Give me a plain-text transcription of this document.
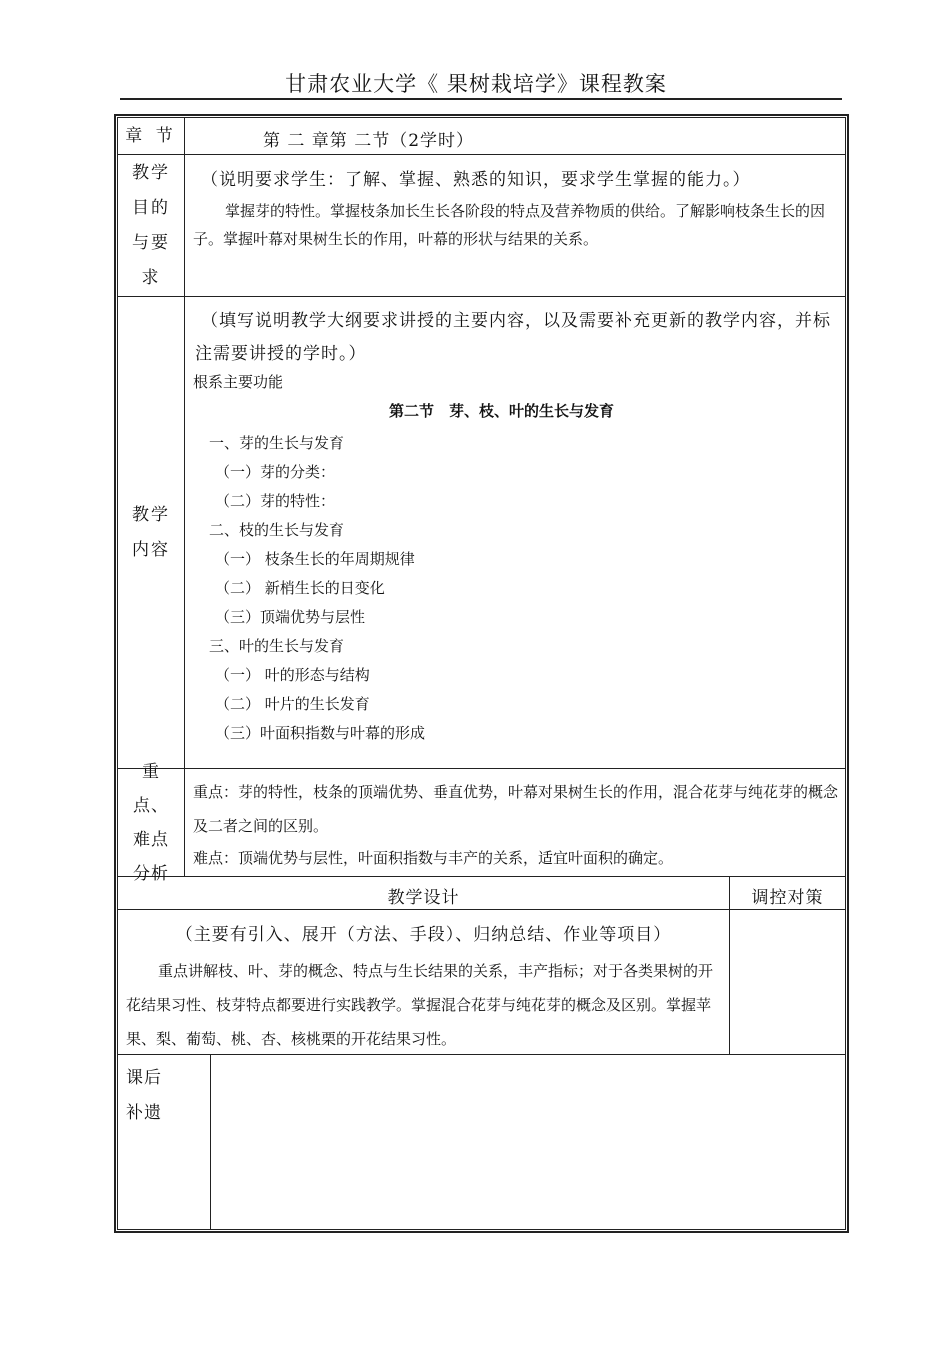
甘肃农业大学《 果树栽培学》课程教案
章 节	第 二 章第 二节（2学时）
教学目的与要求
（说明要求学生：了解、掌握、熟悉的知识，要求学生掌握的能力。）
掌握芽的特性。掌握枝条加长生长各阶段的特点及营养物质的供给。了解影响枝条生长的因子。掌握叶幕对果树生长的作用，叶幕的形状与结果的关系。
教学内容
（填写说明教学大纲要求讲授的主要内容，以及需要补充更新的教学内容，并标注需要讲授的学时。）
根系主要功能
第二节　芽、枝、叶的生长与发育
一、芽的生长与发育
（一）芽的分类：
（二）芽的特性：
二、枝的生长与发育
（一） 枝条生长的年周期规律
（二） 新梢生长的日变化
（三）顶端优势与层性
三、叶的生长与发育
（一） 叶的形态与结构
（二） 叶片的生长发育
（三）叶面积指数与叶幕的形成
重点、难点分析
重点：芽的特性，枝条的顶端优势、垂直优势，叶幕对果树生长的作用，混合花芽与纯花芽的概念及二者之间的区别。
难点：顶端优势与层性，叶面积指数与丰产的关系，适宜叶面积的确定。
教学设计	调控对策
（主要有引入、展开（方法、手段）、归纳总结、作业等项目）
重点讲解枝、叶、芽的概念、特点与生长结果的关系，丰产指标；对于各类果树的开花结果习性、枝芽特点都要进行实践教学。掌握混合花芽与纯花芽的概念及区别。掌握苹果、梨、葡萄、桃、杏、核桃栗的开花结果习性。
课后补遗
